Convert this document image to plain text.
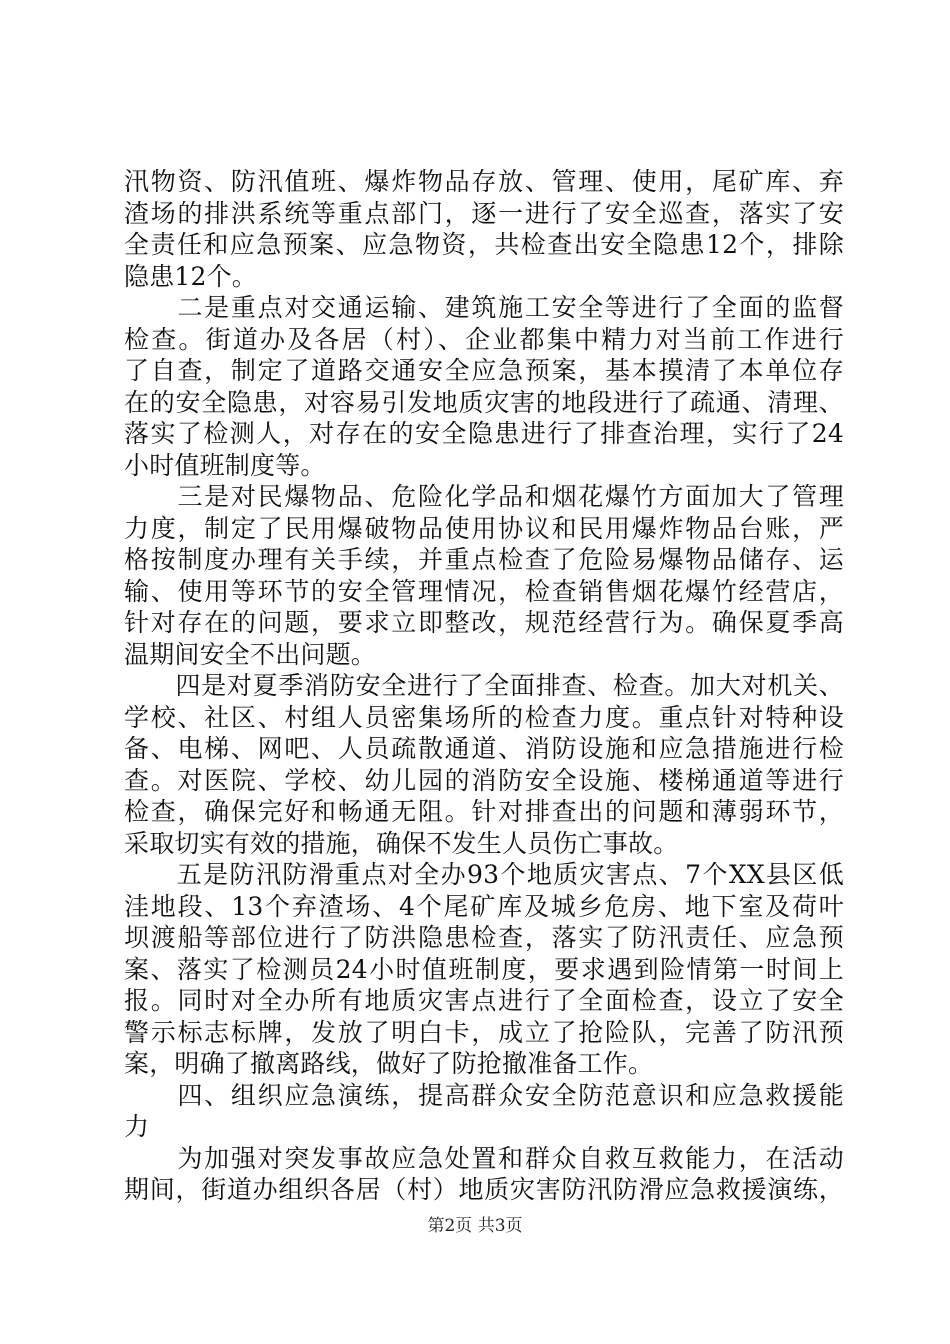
汛物资、防汛值班、爆炸物品存放、管理、使用，尾矿库、弃
渣场的排洪系统等重点部门，逐一进行了安全巡查，落实了安
全责任和应急预案、应急物资，共检查出安全隐患12个，排除
隐患12个。
　　二是重点对交通运输、建筑施工安全等进行了全面的监督
检查。街道办及各居（村）、企业都集中精力对当前工作进行
了自查，制定了道路交通安全应急预案，基本摸清了本单位存
在的安全隐患，对容易引发地质灾害的地段进行了疏通、清理、
落实了检测人，对存在的安全隐患进行了排查治理，实行了24
小时值班制度等。
　　三是对民爆物品、危险化学品和烟花爆竹方面加大了管理
力度，制定了民用爆破物品使用协议和民用爆炸物品台账，严
格按制度办理有关手续，并重点检查了危险易爆物品储存、运
输、使用等环节的安全管理情况，检查销售烟花爆竹经营店，
针对存在的问题，要求立即整改，规范经营行为。确保夏季高
温期间安全不出问题。
　　四是对夏季消防安全进行了全面排查、检查。加大对机关、
学校、社区、村组人员密集场所的检查力度。重点针对特种设
备、电梯、网吧、人员疏散通道、消防设施和应急措施进行检
查。对医院、学校、幼儿园的消防安全设施、楼梯通道等进行
检查，确保完好和畅通无阻。针对排查出的问题和薄弱环节，
采取切实有效的措施，确保不发生人员伤亡事故。
　　五是防汛防滑重点对全办93个地质灾害点、7个XX县区低
洼地段、13个弃渣场、4个尾矿库及城乡危房、地下室及荷叶
坝渡船等部位进行了防洪隐患检查，落实了防汛责任、应急预
案、落实了检测员24小时值班制度，要求遇到险情第一时间上
报。同时对全办所有地质灾害点进行了全面检查，设立了安全
警示标志标牌，发放了明白卡，成立了抢险队，完善了防汛预
案，明确了撤离路线，做好了防抢撤准备工作。
　　四、组织应急演练，提高群众安全防范意识和应急救援能
力
　　为加强对突发事故应急处置和群众自救互救能力，在活动
期间，街道办组织各居（村）地质灾害防汛防滑应急救援演练，
第2页 共3页
